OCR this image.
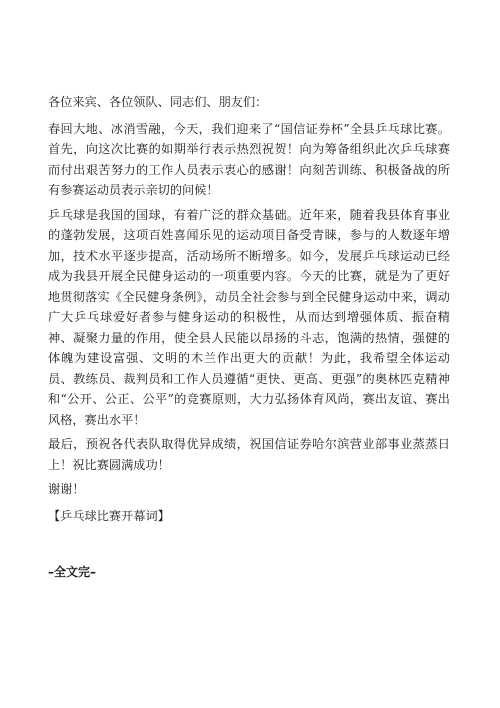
各位来宾、各位领队、同志们、朋友们：

春回大地、冰消雪融，今天，我们迎来了“国信证券杯”全县乒乓球比赛。首先，向这次比赛的如期举行表示热烈祝贺！向为筹备组织此次乒乓球赛而付出艰苦努力的工作人员表示衷心的感谢！向刻苦训练、积极备战的所有参赛运动员表示亲切的问候！

乒乓球是我国的国球，有着广泛的群众基础。近年来，随着我县体育事业的蓬勃发展，这项百姓喜闻乐见的运动项目备受青睐，参与的人数逐年增加，技术水平逐步提高，活动场所不断增多。如今，发展乒乓球运动已经成为我县开展全民健身运动的一项重要内容。今天的比赛，就是为了更好地贯彻落实《全民健身条例》，动员全社会参与到全民健身运动中来，调动广大乒乓球爱好者参与健身运动的积极性，从而达到增强体质、振奋精神、凝聚力量的作用，使全县人民能以昂扬的斗志，饱满的热情，强健的体魄为建设富强、文明的木兰作出更大的贡献！为此，我希望全体运动员、教练员、裁判员和工作人员遵循“更快、更高、更强”的奥林匹克精神和“公开、公正、公平”的竞赛原则，大力弘扬体育风尚，赛出友谊、赛出风格，赛出水平！

最后，预祝各代表队取得优异成绩，祝国信证券哈尔滨营业部事业蒸蒸日上！祝比赛圆满成功！

谢谢！

【乒乓球比赛开幕词】

–全文完–
